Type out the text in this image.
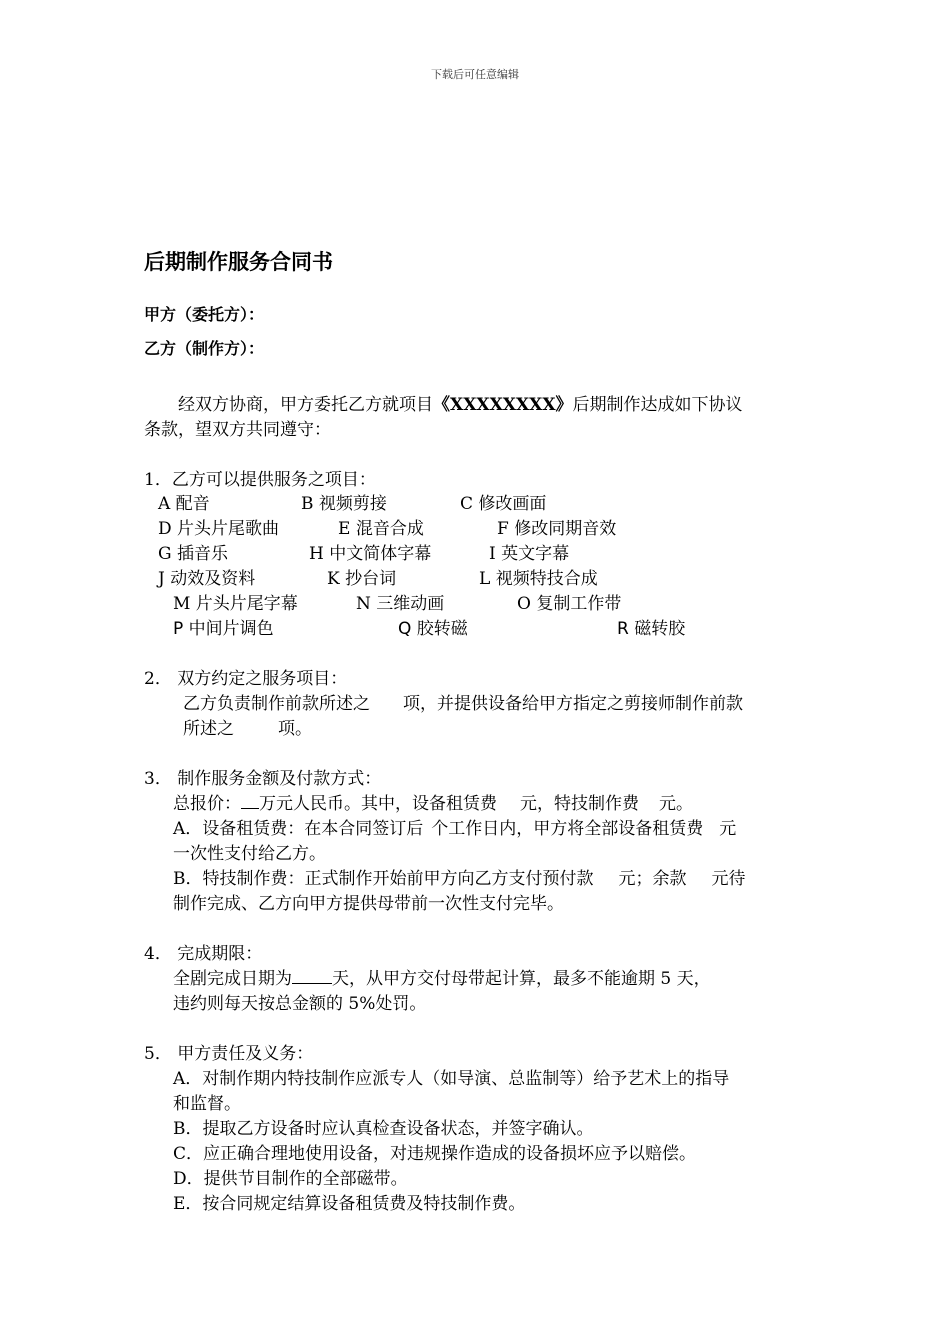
下载后可任意编辑
后期制作服务合同书
甲方（委托方）：
乙方（制作方）：
经双方协商，甲方委托乙方就项目《XXXXXXXX》后期制作达成如下协议
条款，望双方共同遵守：
1．乙方可以提供服务之项目：
A 配音	B 视频剪接	C 修改画面
D 片头片尾歌曲	E 混音合成	F 修改同期音效
G 插音乐	H 中文简体字幕	I 英文字幕
J 动效及资料	K 抄台词	L 视频特技合成
M 片头片尾字幕	N 三维动画	O 复制工作带
P 中间片调色	Q 胶转磁	R 磁转胶
2． 双方约定之服务项目：
乙方负责制作前款所述之 项，并提供设备给甲方指定之剪接师制作前款
所述之	项。
3． 制作服务金额及付款方式：
总报价： 万元人民币。其中，设备租赁费 元，特技制作费 元。
A．设备租赁费：在本合同签订后 个工作日内，甲方将全部设备租赁费 元
一次性支付给乙方。
B．特技制作费：正式制作开始前甲方向乙方支付预付款 元；余款 元待
制作完成、乙方向甲方提供母带前一次性支付完毕。
4． 完成期限：
全剧完成日期为 天，从甲方交付母带起计算，最多不能逾期 5 天，
违约则每天按总金额的 5%处罚。
5． 甲方责任及义务：
A．对制作期内特技制作应派专人（如导演、总监制等）给予艺术上的指导
和监督。
B．提取乙方设备时应认真检查设备状态，并签字确认。
C．应正确合理地使用设备，对违规操作造成的设备损坏应予以赔偿。
D．提供节目制作的全部磁带。
E．按合同规定结算设备租赁费及特技制作费。
